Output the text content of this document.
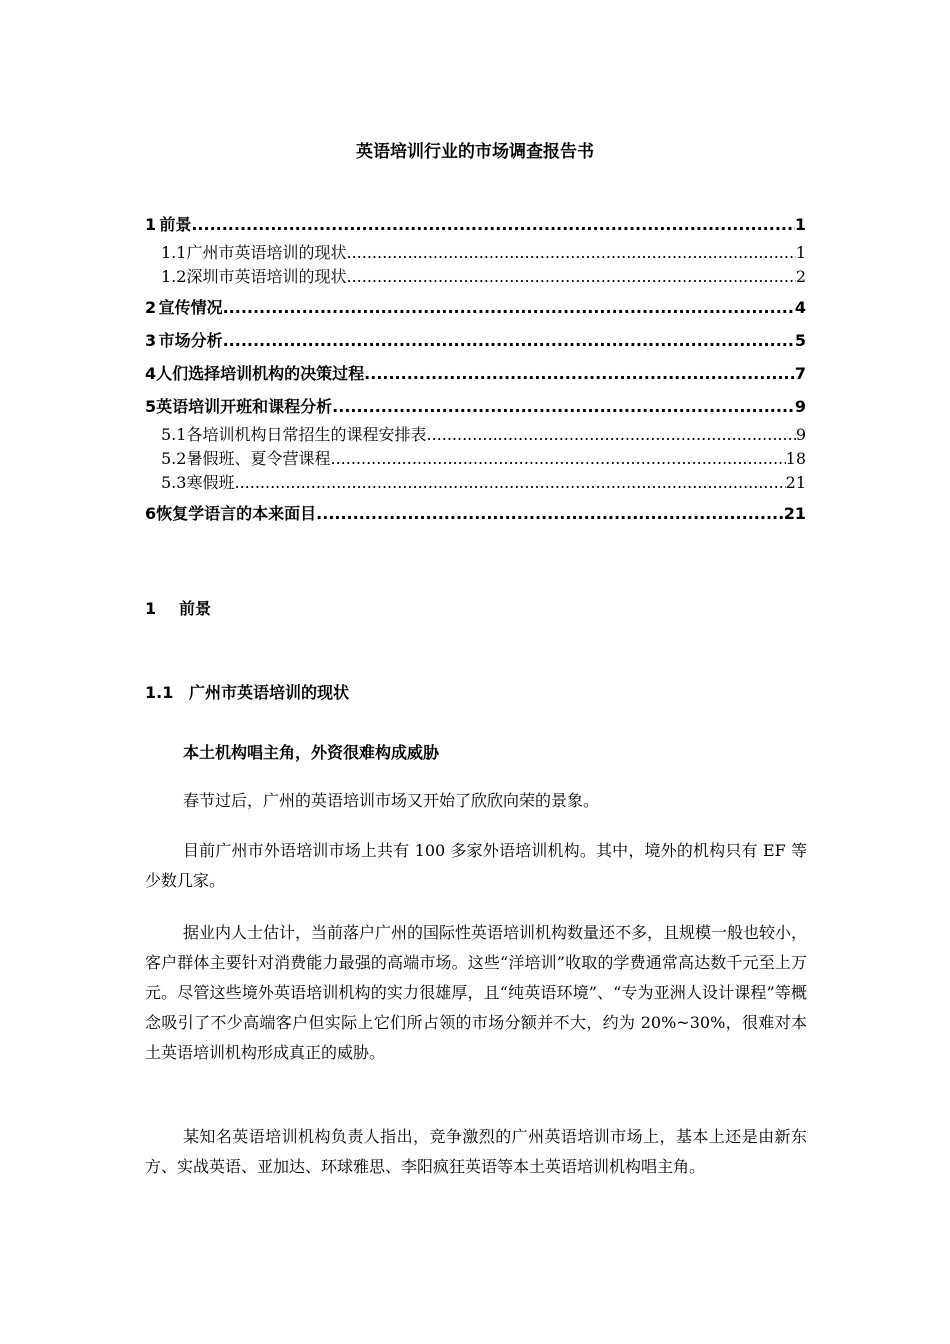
英语培训行业的市场调查报告书
1 前景 .....	1
1.1 广州市英语培训的现状 .....	1
1.2 深圳市英语培训的现状 .....	2
2 宣传情况 .....	4
3 市场分析 .....	5
4 人们选择培训机构的决策过程 .....	7
5 英语培训开班和课程分析 .....	9
5.1 各培训机构日常招生的课程安排表 .....	9
5.2 暑假班、夏令营课程 .....	18
5.3 寒假班 .....	21
6 恢复学语言的本来面目 .....	21
1 前景
1.1 广州市英语培训的现状
本土机构唱主角，外资很难构成威胁

春节过后，广州的英语培训市场又开始了欣欣向荣的景象。

目前广州市外语培训市场上共有 100 多家外语培训机构。其中，境外的机构只有 EF 等少数几家。

据业内人士估计，当前落户广州的国际性英语培训机构数量还不多，且规模一般也较小，客户群体主要针对消费能力最强的高端市场。这些“洋培训”收取的学费通常高达数千元至上万元。尽管这些境外英语培训机构的实力很雄厚，且“纯英语环境”、“专为亚洲人设计课程”等概念吸引了不少高端客户但实际上它们所占领的市场分额并不大，约为 20%~30%，很难对本土英语培训机构形成真正的威胁。

某知名英语培训机构负责人指出，竞争激烈的广州英语培训市场上，基本上还是由新东方、实战英语、亚加达、环球雅思、李阳疯狂英语等本土英语培训机构唱主角。
